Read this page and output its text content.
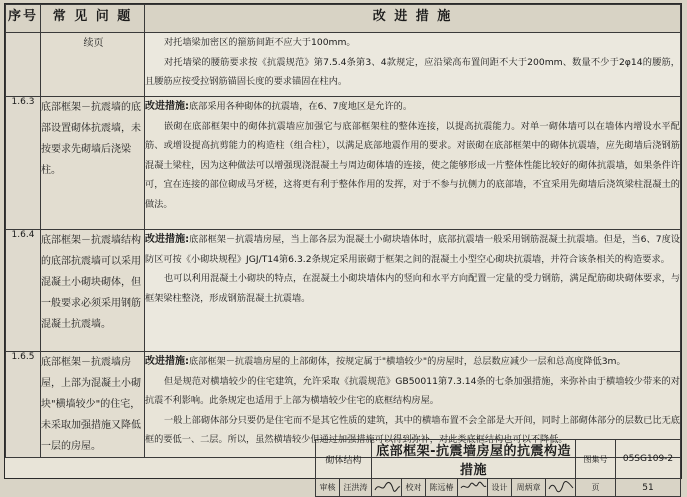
序号	常 见 问 题	改 进 措 施
	续页	对托墙梁加密区的箍筋间距不应大于100mm。

对托墙梁的腰筋要求按《抗震规范》第7.5.4条第3、4款规定，应沿梁高布置间距不大于200mm、数量不少于2φ14的腰筋，且腰筋应按受拉钢筋锚固长度的要求锚固在柱内。

1.6.3	底部框架－抗震墙的底部设置砌体抗震墙，未按要求先砌墙后浇梁柱。	改进措施:底部采用各种砌体的抗震墙，在6、7度地区是允许的。

嵌砌在底部框架中的砌体抗震墙应加强它与底部框架柱的整体连接，以提高抗震能力。对单一砌体墙可以在墙体内增设水平配筋、或增设提高抗剪能力的构造柱（组合柱），以满足底部地震作用的要求。对嵌砌在底部框架中的砌体抗震墙，应先砌墙后浇钢筋混凝土梁柱，因为这种做法可以增强现浇混凝土与周边砌体墙的连接，使之能够形成一片整体性能比较好的砌体抗震墙，如果条件许可，宜在连接的部位砌成马牙槎，这将更有利于整体作用的发挥，对于不参与抗侧力的底部墙，不宜采用先砌墙后浇筑梁柱混凝土的做法。

1.6.4	底部框架－抗震墙结构的底部抗震墙可以采用混凝土小砌块砌体，但一般要求必须采用钢筋混凝土抗震墙。	改进措施:底部框架－抗震墙房屋，当上部各层为混凝土小砌块墙体时，底部抗震墙一般采用钢筋混凝土抗震墙。但是，当6、7度设防区可按《小砌块规程》JGJ/T14第6.3.2条规定采用嵌砌于框架之间的混凝土小型空心砌块抗震墙，并符合该条相关的构造要求。

也可以利用混凝土小砌块的特点，在混凝土小砌块墙体内的竖向和水平方向配置一定量的受力钢筋，满足配筋砌块砌体要求，与框架梁柱整浇，形成钢筋混凝土抗震墙。

1.6.5	底部框架－抗震墙房屋，上部为混凝土小砌块"横墙较少"的住宅，未采取加强措施又降低一层的房屋。	改进措施:底部框架－抗震墙房屋的上部砌体，按规定属于"横墙较少"的房屋时，总层数应减少一层和总高度降低3m。

但是规范对横墙较少的住宅建筑，允许采取《抗震规范》GB50011第7.3.14条的七条加强措施，来弥补由于横墙较少带来的对抗震不利影响。此条规定也适用于上部为横墙较少住宅的底框结构房屋。

一般上部砌体部分只要仍是住宅而不是其它性质的建筑，其中的横墙布置不会全部是大开间，同时上部砌体部分的层数已比无底框的要低一、二层。所以，虽然横墙较少但通过加强措施可以得到弥补，对此类底框结构也可以不降低。

砌体结构		底部框架-抗震墙房屋的抗震构造措施							图集号	05SG109-2
审核	汪洪涛		校对	陈远椿		设计	周炳章		页	51
